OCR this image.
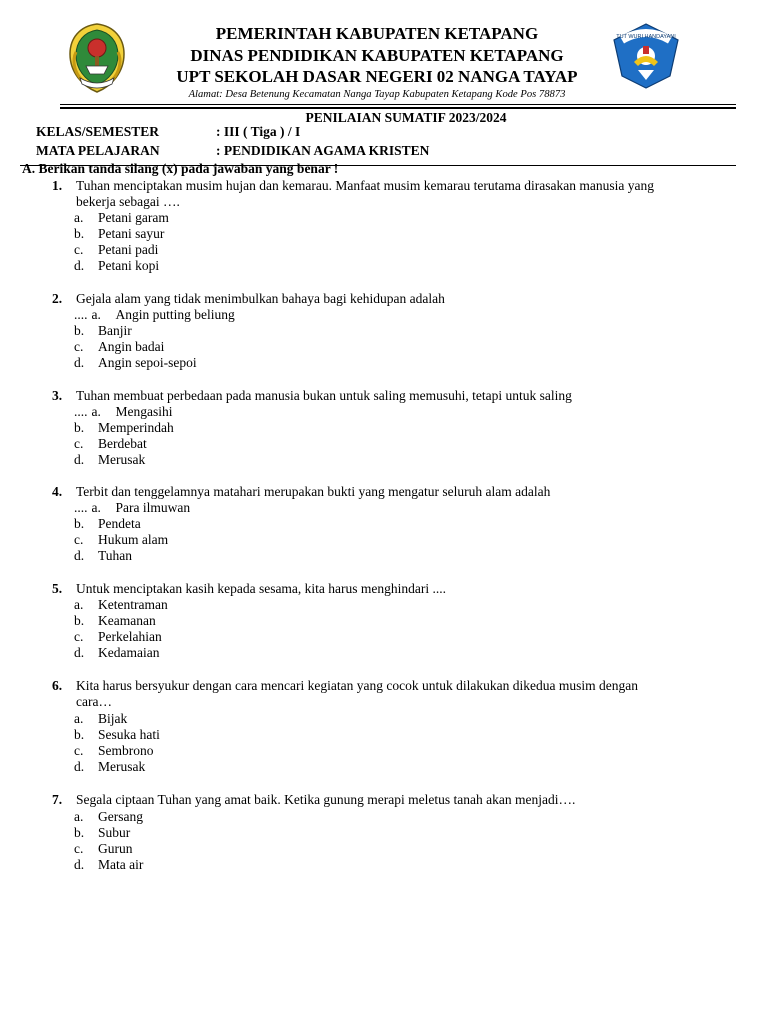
TUT WURI HANDAYANI
PEMERINTAH KABUPATEN KETAPANG
DINAS PENDIDIKAN KABUPATEN KETAPANG
UPT SEKOLAH DASAR NEGERI 02 NANGA TAYAP
Alamat: Desa Betenung Kecamatan Nanga Tayap Kabupaten Ketapang Kode Pos 78873
PENILAIAN SUMATIF 2023/2024
KELAS/SEMESTER	: III ( Tiga ) / I
MATA PELAJARAN	: PENDIDIKAN AGAMA KRISTEN
A. Berikan tanda silang (x) pada jawaban yang benar !
1. Tuhan menciptakan musim hujan dan kemarau. Manfaat musim kemarau terutama dirasakan manusia yang
bekerja sebagai ….
a. Petani garam
b. Petani sayur
c. Petani padi
d. Petani kopi
2. Gejala alam yang tidak menimbulkan bahaya bagi kehidupan adalah
.... a. Angin putting beliung
b. Banjir
c. Angin badai
d. Angin sepoi-sepoi
3. Tuhan membuat perbedaan pada manusia bukan untuk saling memusuhi, tetapi untuk saling
.... a. Mengasihi
b. Memperindah
c. Berdebat
d. Merusak
4. Terbit dan tenggelamnya matahari merupakan bukti yang mengatur seluruh alam adalah
.... a. Para ilmuwan
b. Pendeta
c. Hukum alam
d. Tuhan
5. Untuk menciptakan kasih kepada sesama, kita harus menghindari ....
a. Ketentraman
b. Keamanan
c. Perkelahian
d. Kedamaian
6. Kita harus bersyukur dengan cara mencari kegiatan yang cocok untuk dilakukan dikedua musim dengan
cara…
a. Bijak
b. Sesuka hati
c. Sembrono
d. Merusak
7. Segala ciptaan Tuhan yang amat baik. Ketika gunung merapi meletus tanah akan menjadi….
a. Gersang
b. Subur
c. Gurun
d. Mata air
